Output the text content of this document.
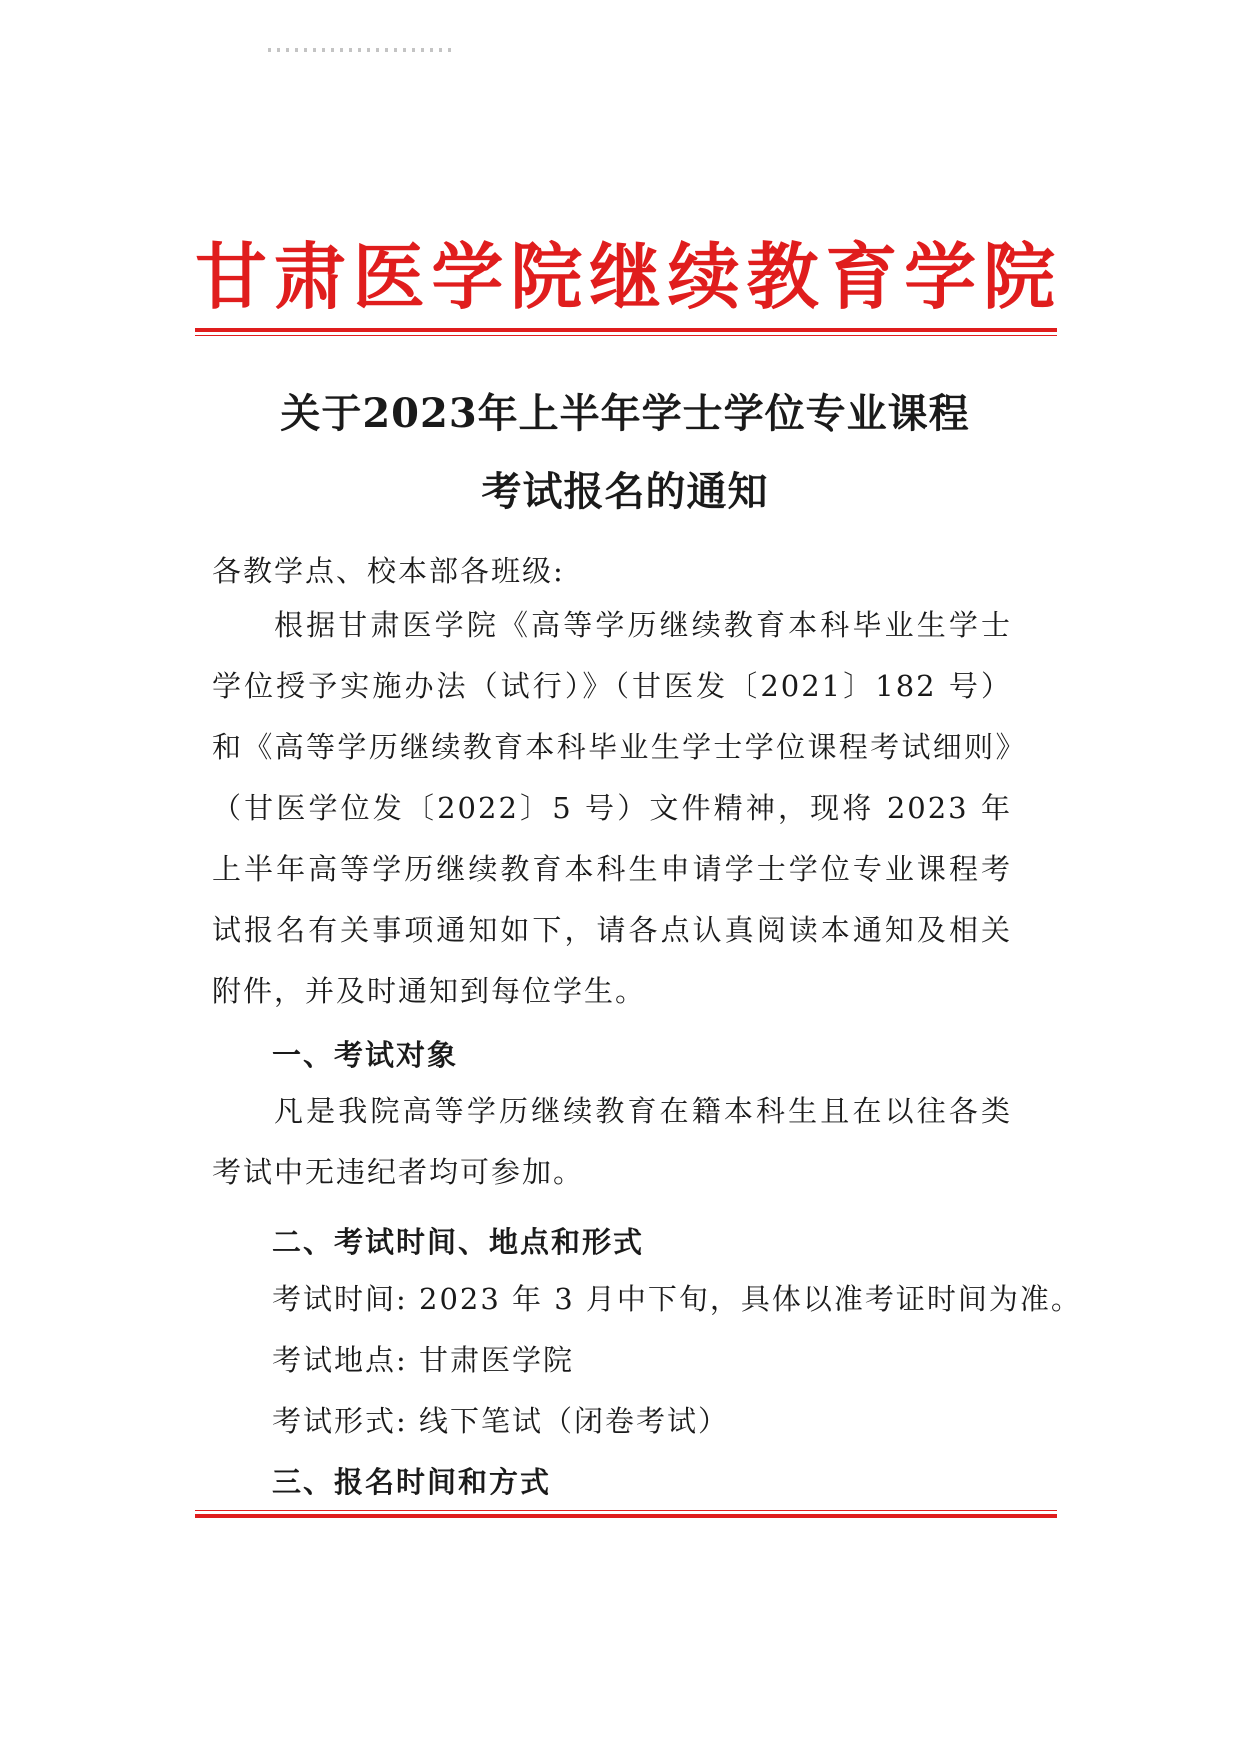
甘 肃 医 学 院 继 续 教 育 学 院
关于2023年上半年学士学位专业课程
考试报名的通知
各教学点、校本部各班级:
根据甘肃医学院《高等学历继续教育本科毕业生学士学位授予实施办法（试行）》（甘医发〔2021〕182 号）和《高等学历继续教育本科毕业生学士学位课程考试细则》（甘医学位发〔2022〕5 号）文件精神，现将 2023 年上半年高等学历继续教育本科生申请学士学位专业课程考试报名有关事项通知如下，请各点认真阅读本通知及相关附件，并及时通知到每位学生。
一、考试对象
凡是我院高等学历继续教育在籍本科生且在以往各类考试中无违纪者均可参加。
二、考试时间、地点和形式
考试时间: 2023 年 3 月中下旬，具体以准考证时间为准。
考试地点: 甘肃医学院
考试形式: 线下笔试（闭卷考试）
三、报名时间和方式
